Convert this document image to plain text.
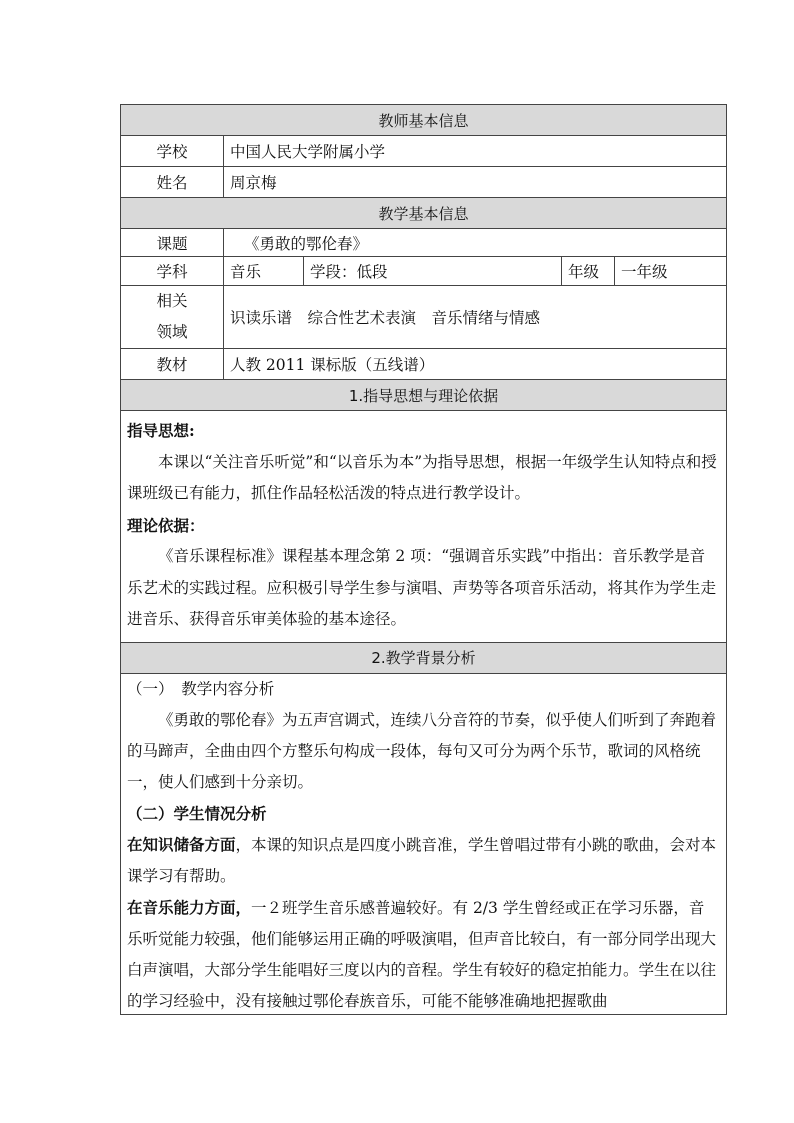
教师基本信息				
学校	中国人民大学附属小学			
姓名	周京梅			
教学基本信息				
课题	《勇敢的鄂伦春》			
学科	音乐	学段：低段	年级	一年级
相关
领域	识读乐谱　综合性艺术表演　音乐情绪与情感			
教材	人教 2011 课标版（五线谱）			
1.指导思想与理论依据				

指导思想:

本课以“关注音乐听觉”和“以音乐为本”为指导思想，根据一年级学生认知特点和授课班级已有能力，抓住作品轻松活泼的特点进行教学设计。

理论依据：

《音乐课程标准》课程基本理念第 2 项：“强调音乐实践”中指出：音乐教学是音乐艺术的实践过程。应积极引导学生参与演唱、声势等各项音乐活动，将其作为学生走进音乐、获得音乐审美体验的基本途径。				

2.教学背景分析				

（一）　教学内容分析

《勇敢的鄂伦春》为五声宫调式，连续八分音符的节奏，似乎使人们听到了奔跑着的马蹄声，全曲由四个方整乐句构成一段体，每句又可分为两个乐节，歌词的风格统一，使人们感到十分亲切。

（二）学生情况分析

在知识储备方面，本课的知识点是四度小跳音准，学生曾唱过带有小跳的歌曲，会对本课学习有帮助。

在音乐能力方面，一２班学生音乐感普遍较好。有 2/3 学生曾经或正在学习乐器，音乐听觉能力较强，他们能够运用正确的呼吸演唱，但声音比较白，有一部分同学出现大白声演唱，大部分学生能唱好三度以内的音程。学生有较好的稳定拍能力。学生在以往的学习经验中，没有接触过鄂伦春族音乐，可能不能够准确地把握歌曲				
